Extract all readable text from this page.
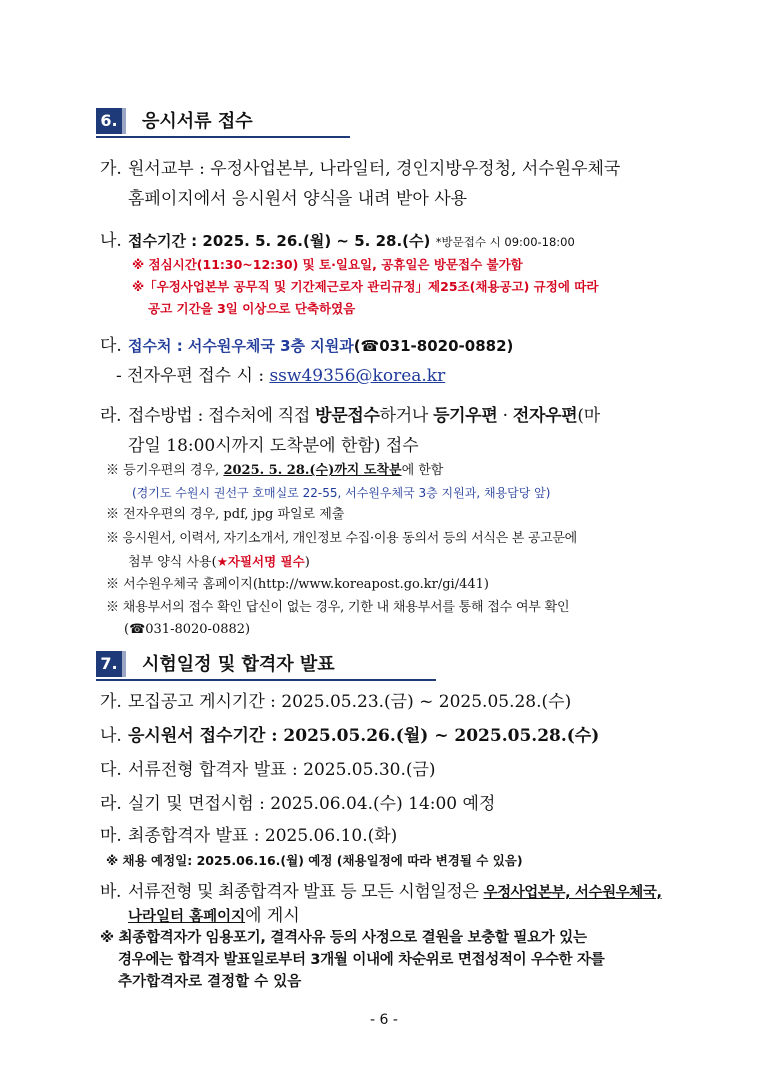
6. 응시서류 접수
가. 원서교부 : 우정사업본부, 나라일터, 경인지방우정청, 서수원우체국
홈페이지에서 응시원서 양식을 내려 받아 사용
나. 접수기간 : 2025. 5. 26.(월) ~ 5. 28.(수) *방문접수 시 09:00-18:00
※ 점심시간(11:30~12:30) 및 토·일요일, 공휴일은 방문접수 불가함
※「우정사업본부 공무직 및 기간제근로자 관리규정」제25조(채용공고) 규정에 따라
공고 기간을 3일 이상으로 단축하였음
다. 접수처 : 서수원우체국 3층 지원과(☎031-8020-0882)
- 전자우편 접수 시 : ssw49356@korea.kr
라. 접수방법 : 접수처에 직접 방문접수하거나 등기우편 · 전자우편(마
감일 18:00시까지 도착분에 한함) 접수
※ 등기우편의 경우, 2025. 5. 28.(수)까지 도착분에 한함
(경기도 수원시 권선구 호매실로 22-55, 서수원우체국 3층 지원과, 채용담당 앞)
※ 전자우편의 경우, pdf, jpg 파일로 제출
※ 응시원서, 이력서, 자기소개서, 개인정보 수집·이용 동의서 등의 서식은 본 공고문에
첨부 양식 사용(★자필서명 필수)
※ 서수원우체국 홈페이지(http://www.koreapost.go.kr/gi/441)
※ 채용부서의 접수 확인 답신이 없는 경우, 기한 내 채용부서를 통해 접수 여부 확인
(☎031-8020-0882)
7. 시험일정 및 합격자 발표
가. 모집공고 게시기간 : 2025.05.23.(금) ~ 2025.05.28.(수)
나. 응시원서 접수기간 : 2025.05.26.(월) ~ 2025.05.28.(수)
다. 서류전형 합격자 발표 : 2025.05.30.(금)
라. 실기 및 면접시험 : 2025.06.04.(수) 14:00 예정
마. 최종합격자 발표 : 2025.06.10.(화)
※ 채용 예정일: 2025.06.16.(월) 예정 (채용일정에 따라 변경될 수 있음)
바. 서류전형 및 최종합격자 발표 등 모든 시험일정은 우정사업본부, 서수원우체국,
나라일터 홈페이지에 게시
※ 최종합격자가 임용포기, 결격사유 등의 사정으로 결원을 보충할 필요가 있는
경우에는 합격자 발표일로부터 3개월 이내에 차순위로 면접성적이 우수한 자를
추가합격자로 결정할 수 있음
- 6 -
